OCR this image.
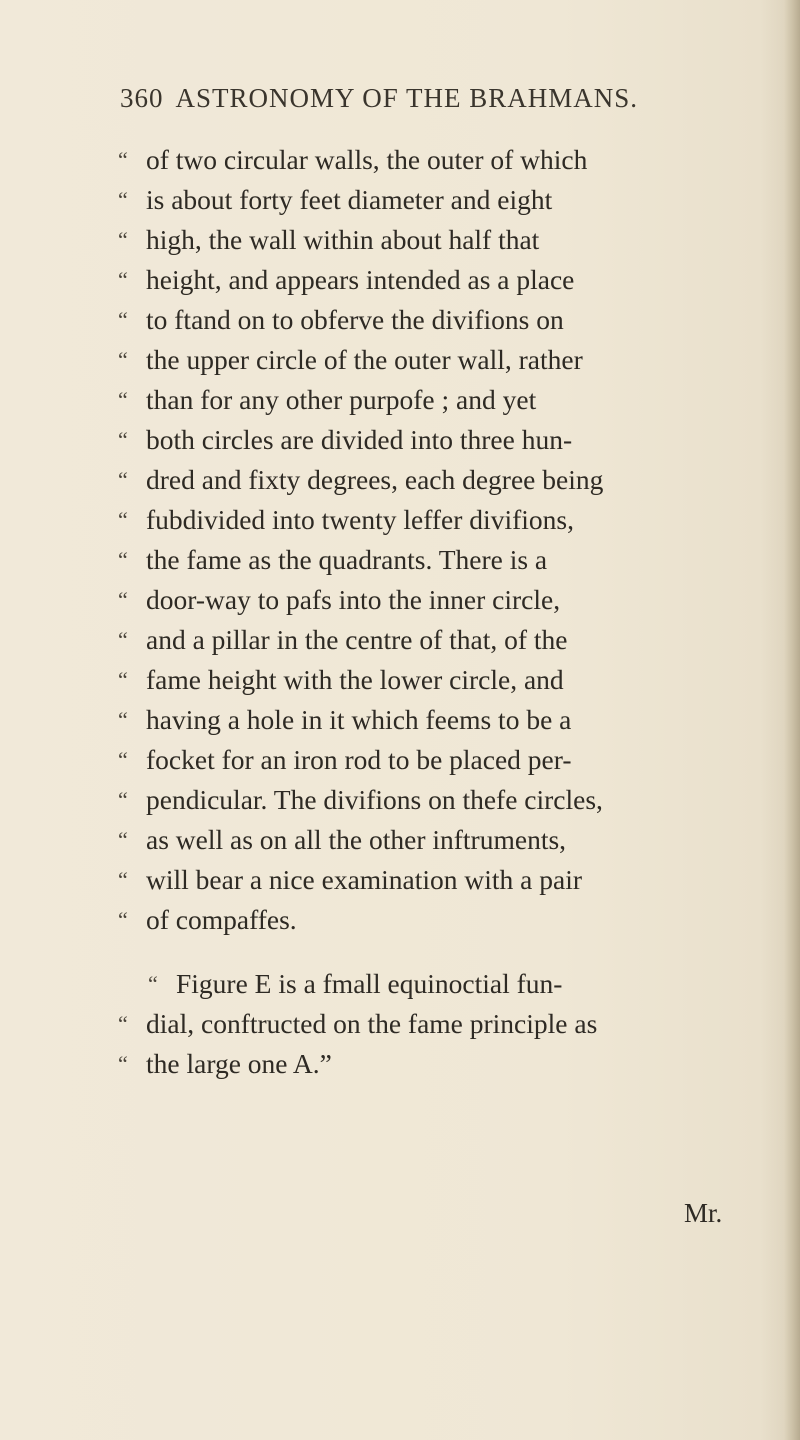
360 ASTRONOMY OF THE BRAHMANS.
“ of two circular walls, the outer of which
“ is about forty feet diameter and eight
“ high, the wall within about half that
“ height, and appears intended as a place
“ to ftand on to obferve the divifions on
“ the upper circle of the outer wall, rather
“ than for any other purpofe ; and yet
“ both circles are divided into three hun-
“ dred and fixty degrees, each degree being
“ fubdivided into twenty leffer divifions,
“ the fame as the quadrants. There is a
“ door-way to pafs into the inner circle,
“ and a pillar in the centre of that, of the
“ fame height with the lower circle, and
“ having a hole in it which feems to be a
“ focket for an iron rod to be placed per-
“ pendicular. The divifions on thefe circles,
“ as well as on all the other inftruments,
“ will bear a nice examination with a pair
“ of compaffes.
“ Figure E is a fmall equinoctial fun-
“ dial, conftructed on the fame principle as
“ the large one A.”
Mr.
